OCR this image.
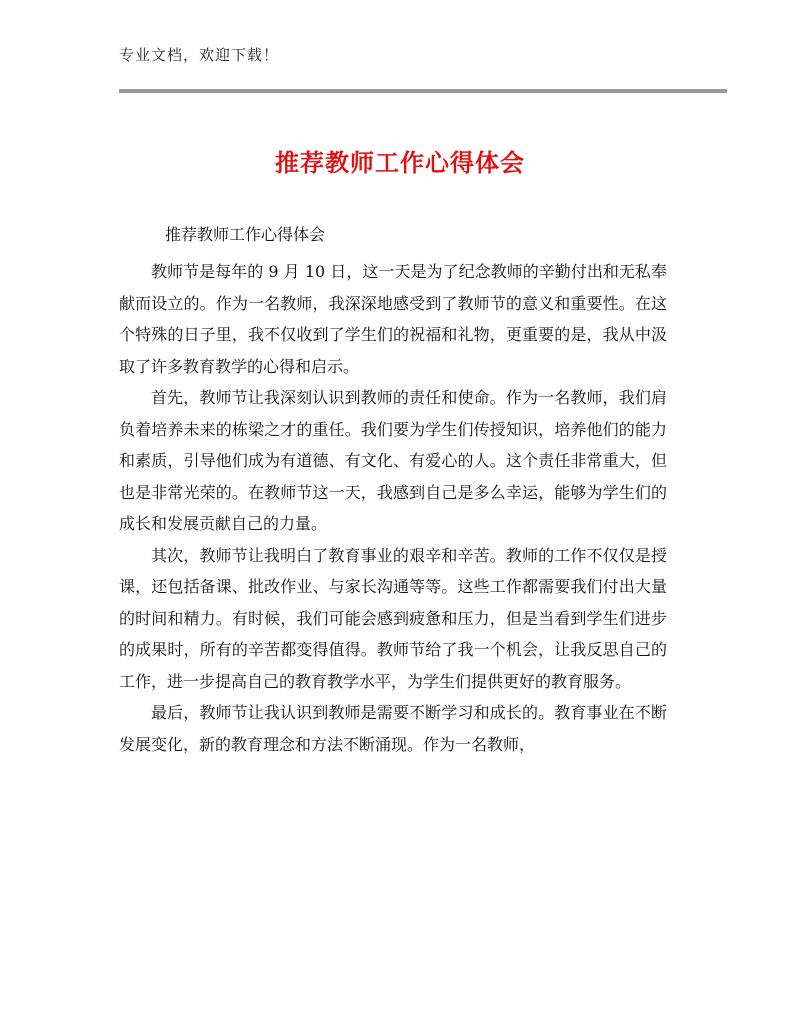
专业文档，欢迎下载！
推荐教师工作心得体会
推荐教师工作心得体会

教师节是每年的 9 月 10 日，这一天是为了纪念教师的辛勤付出和无私奉献而设立的。作为一名教师，我深深地感受到了教师节的意义和重要性。在这个特殊的日子里，我不仅收到了学生们的祝福和礼物，更重要的是，我从中汲取了许多教育教学的心得和启示。

首先，教师节让我深刻认识到教师的责任和使命。作为一名教师，我们肩负着培养未来的栋梁之才的重任。我们要为学生们传授知识，培养他们的能力和素质，引导他们成为有道德、有文化、有爱心的人。这个责任非常重大，但也是非常光荣的。在教师节这一天，我感到自己是多么幸运，能够为学生们的成长和发展贡献自己的力量。

其次，教师节让我明白了教育事业的艰辛和辛苦。教师的工作不仅仅是授课，还包括备课、批改作业、与家长沟通等等。这些工作都需要我们付出大量的时间和精力。有时候，我们可能会感到疲惫和压力，但是当看到学生们进步的成果时，所有的辛苦都变得值得。教师节给了我一个机会，让我反思自己的工作，进一步提高自己的教育教学水平，为学生们提供更好的教育服务。

最后，教师节让我认识到教师是需要不断学习和成长的。教育事业在不断发展变化，新的教育理念和方法不断涌现。作为一名教师，
